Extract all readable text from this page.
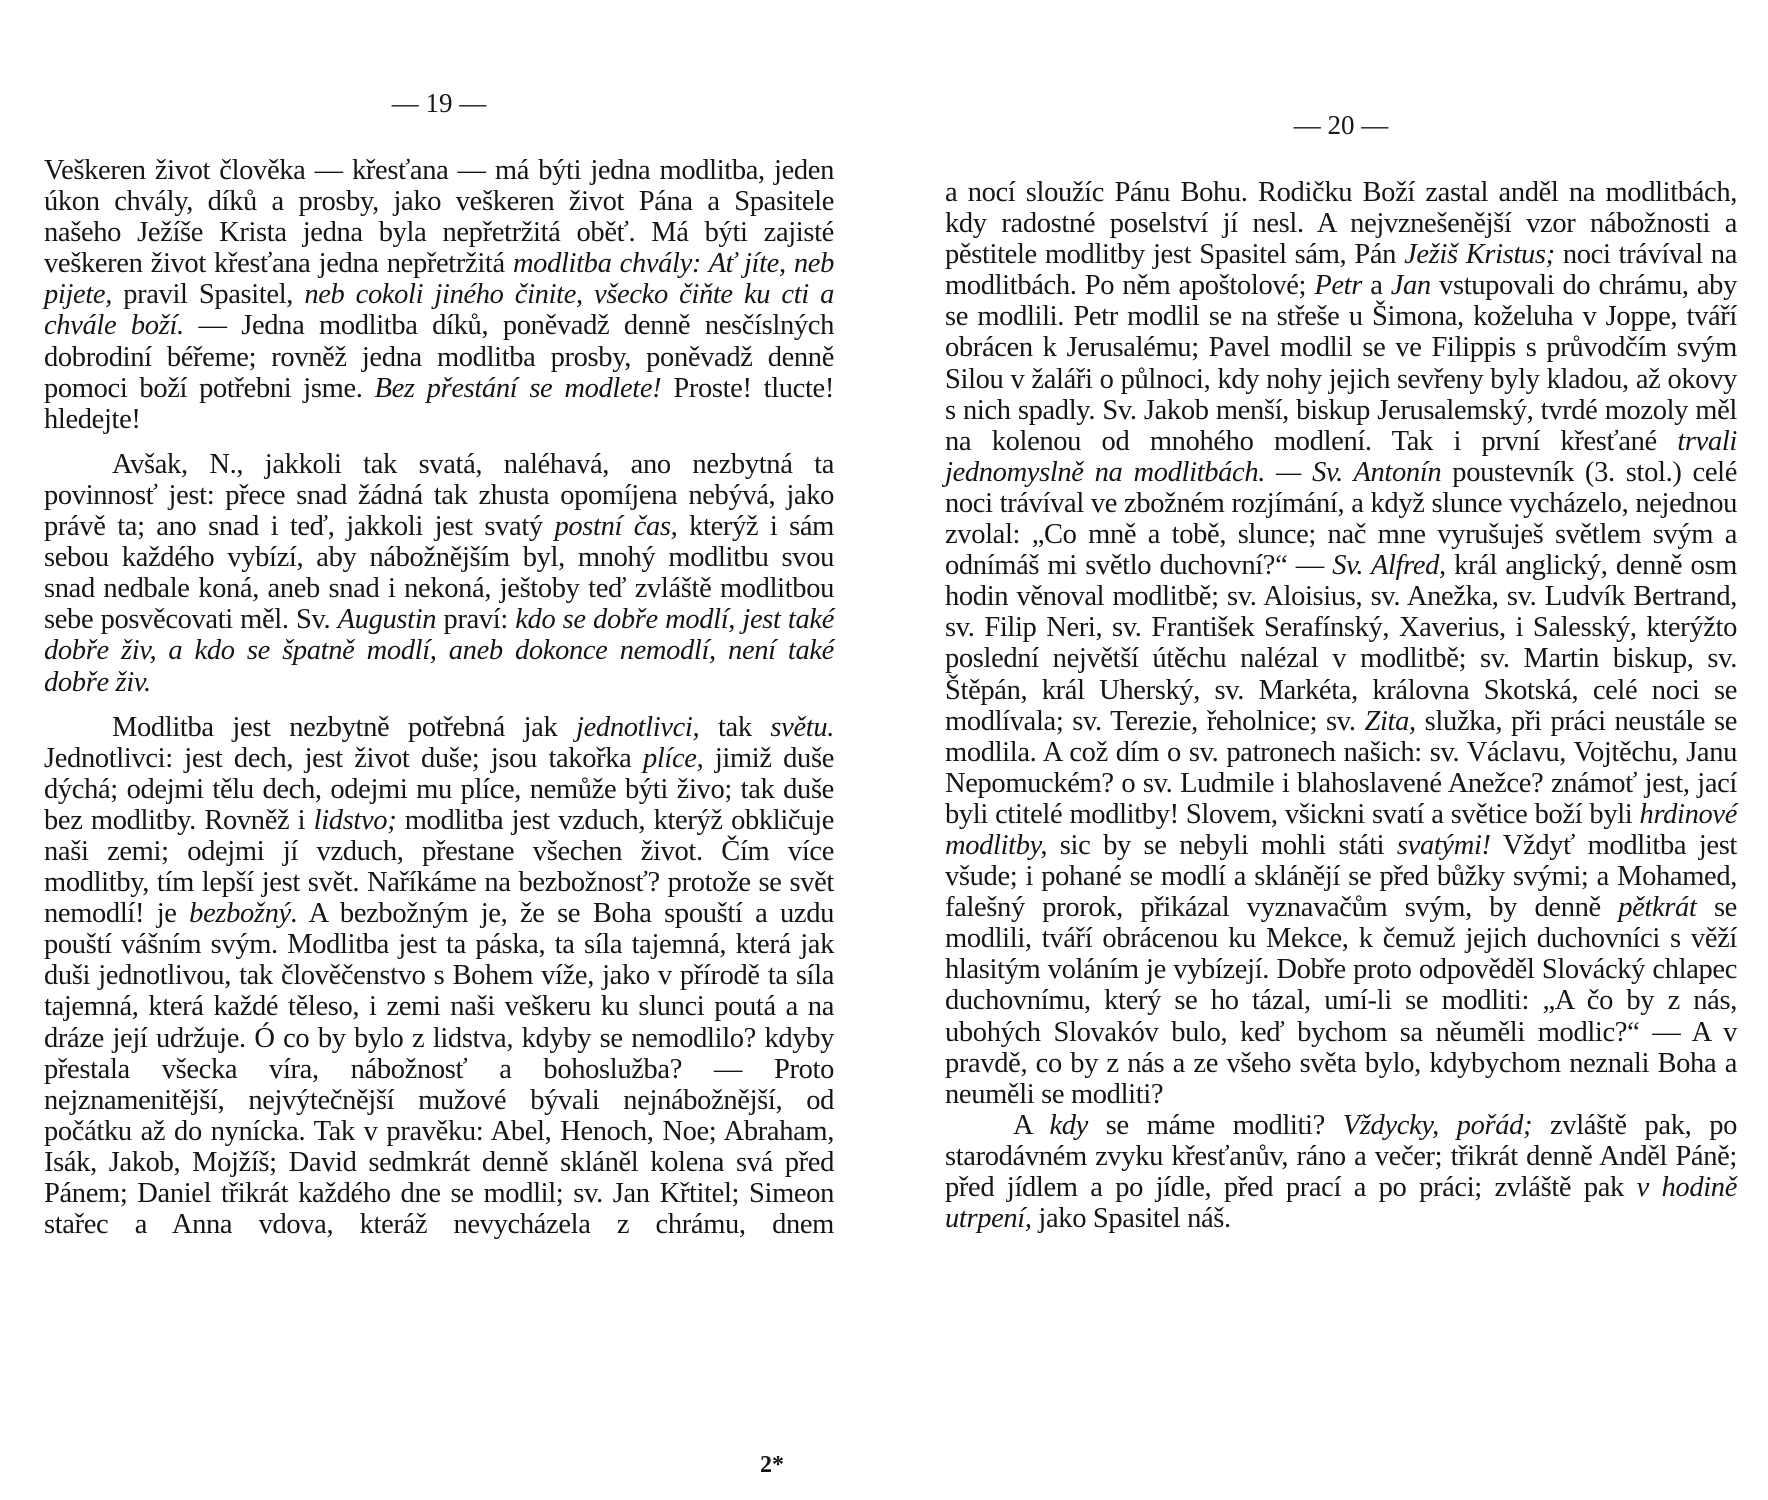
— 19 —

Veškeren život člověka — křesťana — má býti jedna modlitba, jeden úkon chvály, díků a prosby, jako veškeren život Pána a Spasitele našeho Ježíše Krista jedna byla nepřetržitá oběť. Má býti zajisté veškeren život křesťana jedna nepřetržitá modlitba chvály: Ať jíte, neb pijete, pravil Spasitel, neb cokoli jiného činite, všecko čiňte ku cti a chvále boží. — Jedna modlitba díků, poněvadž denně nesčíslných dobrodiní béřeme; rovněž jedna modlitba prosby, poněvadž denně pomoci boží potřebni jsme. Bez přestání se modlete! Proste! tlucte! hledejte!

Avšak, N., jakkoli tak svatá, naléhavá, ano nezbytná ta povinnosť jest: přece snad žádná tak zhusta opomíjena nebývá, jako právě ta; ano snad i teď, jakkoli jest svatý postní čas, kterýž i sám sebou každého vybízí, aby nábožnějším byl, mnohý modlitbu svou snad nedbale koná, aneb snad i nekoná, ještoby teď zvláště modlitbou sebe posvěcovati měl. Sv. Augustin praví: kdo se dobře modlí, jest také dobře živ, a kdo se špatně modlí, aneb dokonce nemodlí, není také dobře živ.

Modlitba jest nezbytně potřebná jak jednotlivci, tak světu. Jednotlivci: jest dech, jest život duše; jsou takořka plíce, jimiž duše dýchá; odejmi tělu dech, odejmi mu plíce, nemůže býti živo; tak duše bez modlitby. Rovněž i lidstvo; modlitba jest vzduch, kterýž obkličuje naši zemi; odejmi jí vzduch, přestane všechen život. Čím více modlitby, tím lepší jest svět. Naříkáme na bezbožnosť? protože se svět nemodlí! je bezbožný. A bezbožným je, že se Boha spouští a uzdu pouští vášním svým. Modlitba jest ta páska, ta síla tajemná, která jak duši jednotlivou, tak člověčenstvo s Bohem víže, jako v přírodě ta síla tajemná, která každé těleso, i zemi naši veškeru ku slunci poutá a na dráze její udržuje. Ó co by bylo z lidstva, kdyby se nemodlilo? kdyby přestala všecka víra, nábožnosť a bohoslužba? — Proto nejznamenitější, nejvýtečnější mužové bývali nejnábožnější, od počátku až do nynícka. Tak v pravěku: Abel, Henoch, Noe; Abraham, Isák, Jakob, Mojžíš; David sedmkrát denně skláněl kolena svá před Pánem; Daniel třikrát každého dne se modlil; sv. Jan Křtitel; Simeon stařec a Anna vdova, kteráž nevycházela z chrámu, dnem

2*
— 20 —

a nocí sloužíc Pánu Bohu. Rodičku Boží zastal anděl na modlitbách, kdy radostné poselství jí nesl. A nejvznešenější vzor nábožnosti a pěstitele modlitby jest Spasitel sám, Pán Ježiš Kristus; noci trávíval na modlitbách. Po něm apoštolové; Petr a Jan vstupovali do chrámu, aby se modlili. Petr modlil se na střeše u Šimona, koželuha v Joppe, tváří obrácen k Jerusalému; Pavel modlil se ve Filippis s průvodčím svým Silou v žaláři o půlnoci, kdy nohy jejich sevřeny byly kladou, až okovy s nich spadly. Sv. Jakob menší, biskup Jerusalemský, tvrdé mozoly měl na kolenou od mnohého modlení. Tak i první křesťané trvali jednomyslně na modlitbách. — Sv. Antonín poustevník (3. stol.) celé noci trávíval ve zbožném rozjímání, a když slunce vycházelo, nejednou zvolal: „Co mně a tobě, slunce; nač mne vyrušuješ světlem svým a odnímáš mi světlo duchovní?“ — Sv. Alfred, král anglický, denně osm hodin věnoval modlitbě; sv. Aloisius, sv. Anežka, sv. Ludvík Bertrand, sv. Filip Neri, sv. František Serafínský, Xaverius, i Salesský, kterýžto poslední největší útěchu nalézal v modlitbě; sv. Martin biskup, sv. Štěpán, král Uherský, sv. Markéta, královna Skotská, celé noci se modlívala; sv. Terezie, řeholnice; sv. Zita, služka, při práci neustále se modlila. A což dím o sv. patronech našich: sv. Václavu, Vojtěchu, Janu Nepomuckém? o sv. Ludmile i blahoslavené Anežce? známoť jest, jací byli ctitelé modlitby! Slovem, všickni svatí a světice boží byli hrdinové modlitby, sic by se nebyli mohli státi svatými! Vždyť modlitba jest všude; i pohané se modlí a sklánějí se před bůžky svými; a Mohamed, falešný prorok, přikázal vyznavačům svým, by denně pětkrát se modlili, tváří obrácenou ku Mekce, k čemuž jejich duchovníci s věží hlasitým voláním je vybízejí. Dobře proto odpověděl Slovácký chlapec duchovnímu, který se ho tázal, umí-li se modliti: „A čo by z nás, ubohých Slovakóv bulo, keď bychom sa něuměli modlic?“ — A v pravdě, co by z nás a ze všeho světa bylo, kdybychom neznali Boha a neuměli se modliti?

A kdy se máme modliti? Vždycky, pořád; zvláště pak, po starodávném zvyku křesťanův, ráno a večer; třikrát denně Anděl Páně; před jídlem a po jídle, před prací a po práci; zvláště pak v hodině utrpení, jako Spasitel náš.
